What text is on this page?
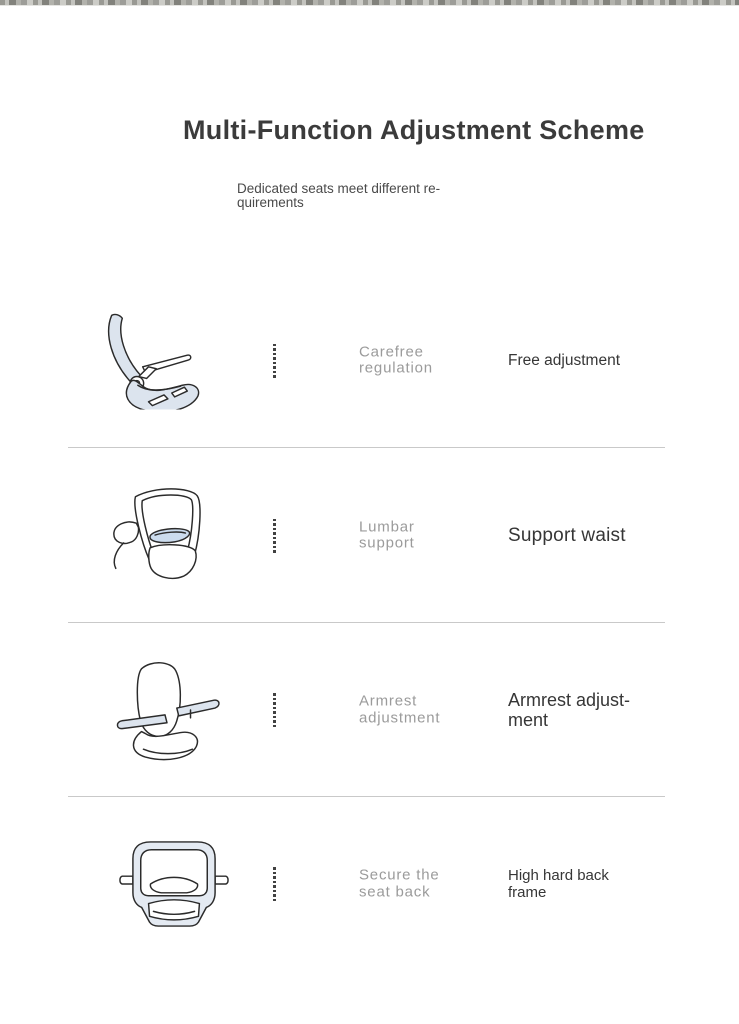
Multi-Function Adjustment Scheme
Dedicated seats meet different re-
quirements
Carefree
regulation	Free adjustment
Lumbar
support	Support waist
Armrest
adjustment
Armrest adjust-
ment
Secure the
seat back
High hard back
frame
